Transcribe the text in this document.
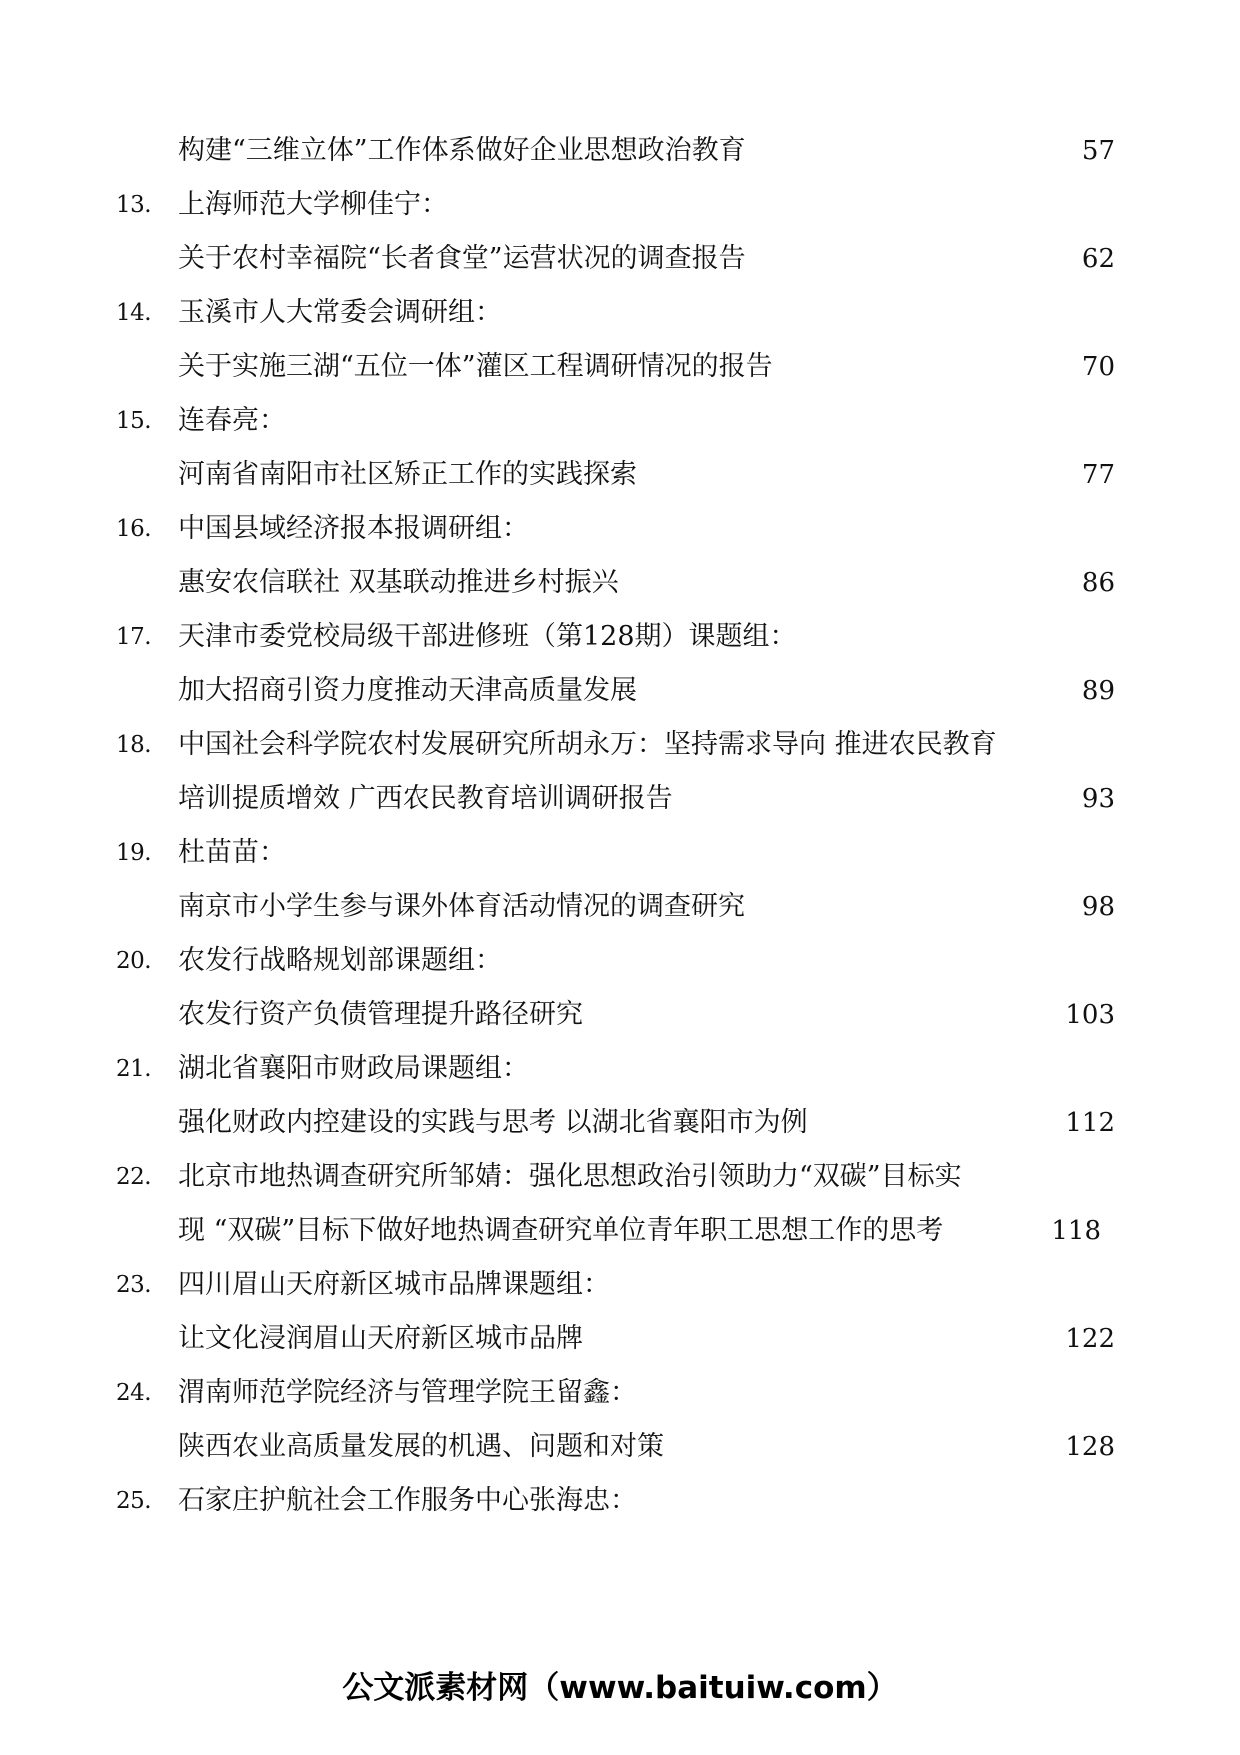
构建“三维立体”工作体系做好企业思想政治教育	57
13. 上海师范大学柳佳宁：
关于农村幸福院“长者食堂”运营状况的调查报告	62
14. 玉溪市人大常委会调研组：
关于实施三湖“五位一体”灌区工程调研情况的报告	70
15. 连春亮：
河南省南阳市社区矫正工作的实践探索	77
16. 中国县域经济报本报调研组：
惠安农信联社 双基联动推进乡村振兴	86
17. 天津市委党校局级干部进修班（第128期）课题组：
加大招商引资力度推动天津高质量发展	89
18. 中国社会科学院农村发展研究所胡永万：坚持需求导向 推进农民教育
培训提质增效 广西农民教育培训调研报告	93
19. 杜苗苗：
南京市小学生参与课外体育活动情况的调查研究	98
20. 农发行战略规划部课题组：
农发行资产负债管理提升路径研究	103
21. 湖北省襄阳市财政局课题组：
强化财政内控建设的实践与思考 以湖北省襄阳市为例	112
22. 北京市地热调查研究所邹婧：强化思想政治引领助力“双碳”目标实
现 “双碳”目标下做好地热调查研究单位青年职工思想工作的思考	118
23. 四川眉山天府新区城市品牌课题组：
让文化浸润眉山天府新区城市品牌	122
24. 渭南师范学院经济与管理学院王留鑫：
陕西农业高质量发展的机遇、问题和对策	128
25. 石家庄护航社会工作服务中心张海忠：
公文派素材网（www.baituiw.com）
